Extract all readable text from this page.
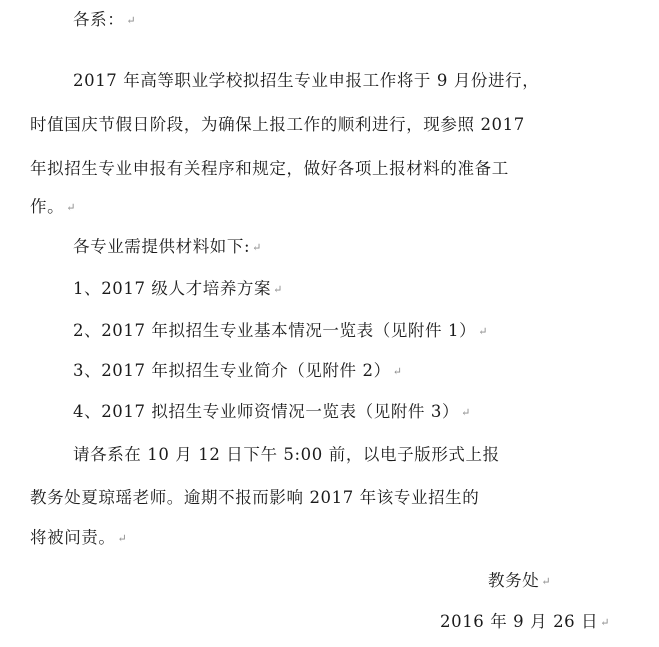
各系： ↵
2017 年高等职业学校拟招生专业申报工作将于 9 月份进行，
时值国庆节假日阶段，为确保上报工作的顺利进行，现参照 2017
年拟招生专业申报有关程序和规定，做好各项上报材料的准备工
作。 ↵
各专业需提供材料如下: ↵
1、2017 级人才培养方案 ↵
2、2017 年拟招生专业基本情况一览表（见附件 1） ↵
3、2017 年拟招生专业简介（见附件 2） ↵
4、2017 拟招生专业师资情况一览表（见附件 3） ↵
请各系在 10 月 12 日下午 5:00 前，以电子版形式上报
教务处夏琼瑶老师。逾期不报而影响 2017 年该专业招生的
将被问责。 ↵
教务处 ↵
2016 年 9 月 26 日 ↵
